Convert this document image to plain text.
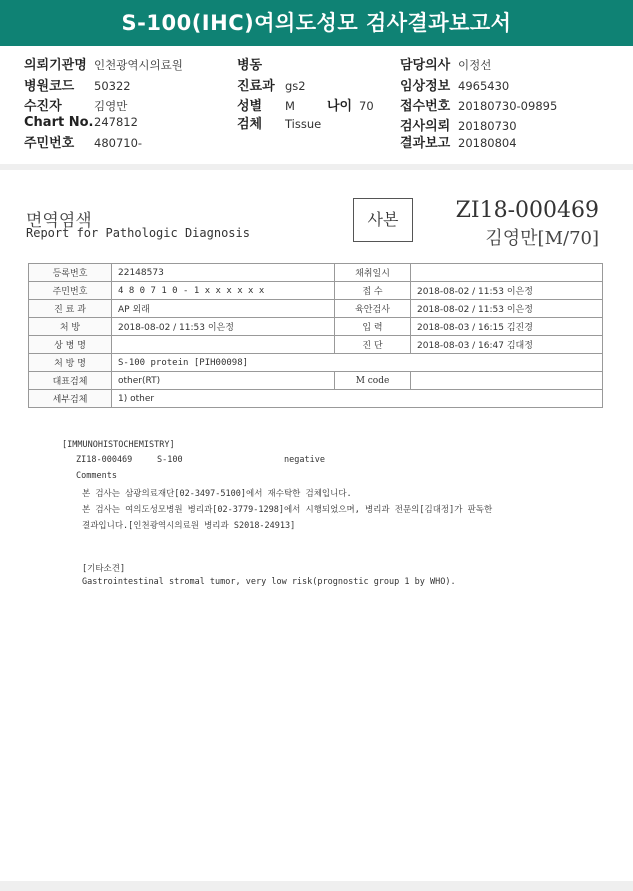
S-100(IHC)여의도성모 검사결과보고서
의뢰기관명 인천광역시의료원
병원코드 50322
수진자	김영만
Chart No.247812
주민번호 480710-
병동
진료과 gs2
성별 M 나이 70
검체 Tissue
담당의사 이정선
임상정보 4965430
접수번호 20180730-09895
검사의뢰 20180730
결과보고 20180804
면역염색
Report for Pathologic Diagnosis
사본	ZI18-000469
김영만[M/70]
등록번호	22148573	채취일시	
주민번호	4 8 0 7 1 0 - 1 x x x x x x	접 수	2018-08-02 / 11:53 이은정
진 료 과	AP 외래	육안검사	2018-08-02 / 11:53 이은정
처 방	2018-08-02 / 11:53 이은정	입 력	2018-08-03 / 16:15 김진경
상 병 명		진 단	2018-08-03 / 16:47 김대정
처 방 명	S-100 protein [PIH00098]		
대표검체	other(RT)	M code	
세부검체	1) other		
[IMMUNOHISTOCHEMISTRY]
ZI18-000469	S-100	negative
Comments
본 검사는 삼광의료재단[02-3497-5100]에서 재수탁한 검체입니다.
본 검사는 여의도성모병원 병리과[02-3779-1298]에서 시행되었으며, 병리과 전문의[김대정]가 판독한
결과입니다.[인천광역시의료원 병리과 S2018-24913]
[기타소견]
Gastrointestinal stromal tumor, very low risk(prognostic group 1 by WHO).
